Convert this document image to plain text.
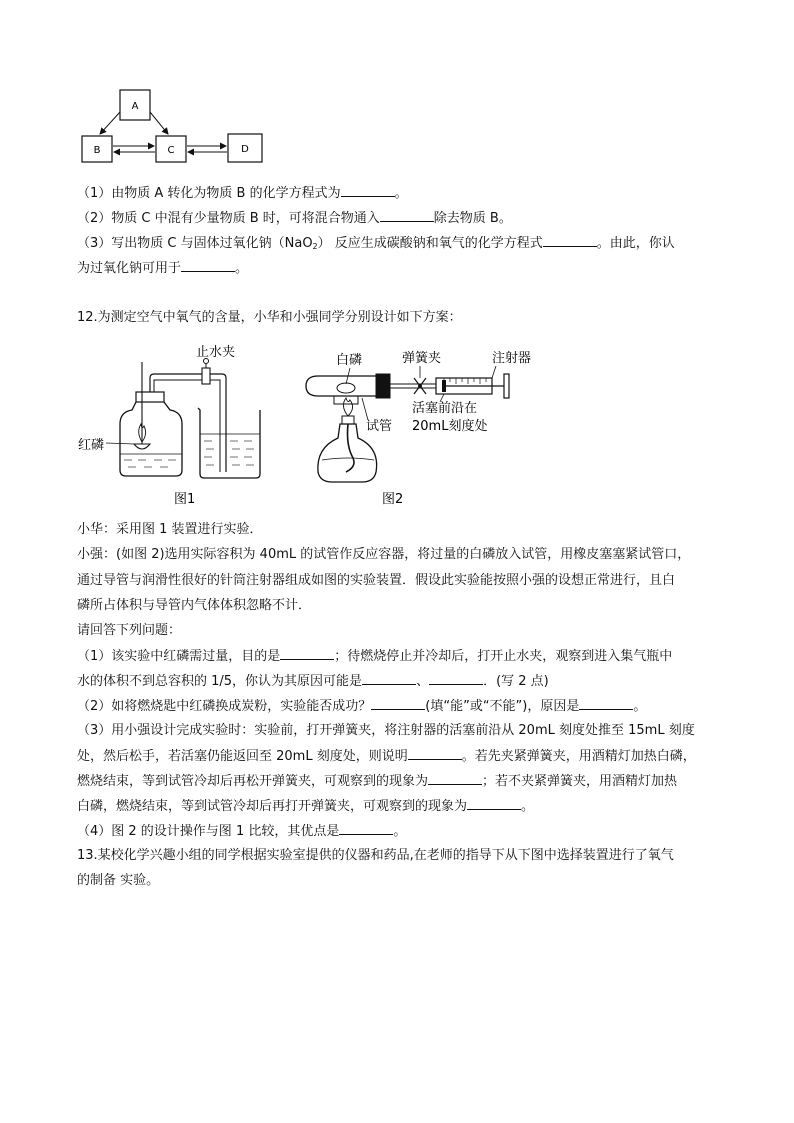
A
B	C	D
（1）由物质 A 转化为物质 B 的化学方程式为	。
（2）物质 C 中混有少量物质 B 时，可将混合物通入	除去物质 B。
（3）写出物质 C 与固体过氧化钠（NaO$_2$） 反应生成碳酸钠和氧气的化学方程式	。由此，你认
为过氧化钠可用于	。
12.为测定空气中氧气的含量，小华和小强同学分别设计如下方案：
止水夹
红磷
图1
白磷	弹簧夹	注射器
活塞前沿在
20mL刻度处
试管
图2
小华：采用图 1 装置进行实验．
小强：(如图 2)选用实际容积为 40mL 的试管作反应容器，将过量的白磷放入试管，用橡皮塞塞紧试管口，
通过导管与润滑性很好的针筒注射器组成如图的实验装置．假设此实验能按照小强的设想正常进行，且白
磷所占体积与导管内气体体积忽略不计．
请回答下列问题：
（1）该实验中红磷需过量，目的是	；待燃烧停止并冷却后，打开止水夹，观察到进入集气瓶中
水的体积不到总容积的 1/5，你认为其原因可能是	、	．(写 2 点)
（2）如将燃烧匙中红磷换成炭粉，实验能否成功？	(填“能”或“不能”)，原因是	。
（3）用小强设计完成实验时：实验前，打开弹簧夹，将注射器的活塞前沿从 20mL 刻度处推至 15mL 刻度
处，然后松手，若活塞仍能返回至 20mL 刻度处，则说明	。若先夹紧弹簧夹，用酒精灯加热白磷，
燃烧结束，等到试管冷却后再松开弹簧夹，可观察到的现象为	；若不夹紧弹簧夹，用酒精灯加热
白磷，燃烧结束，等到试管冷却后再打开弹簧夹，可观察到的现象为	。
（4）图 2 的设计操作与图 1 比较，其优点是	。
13.某校化学兴趣小组的同学根据实验室提供的仪器和药品,在老师的指导下从下图中选择装置进行了氧气
的制备 实验。
